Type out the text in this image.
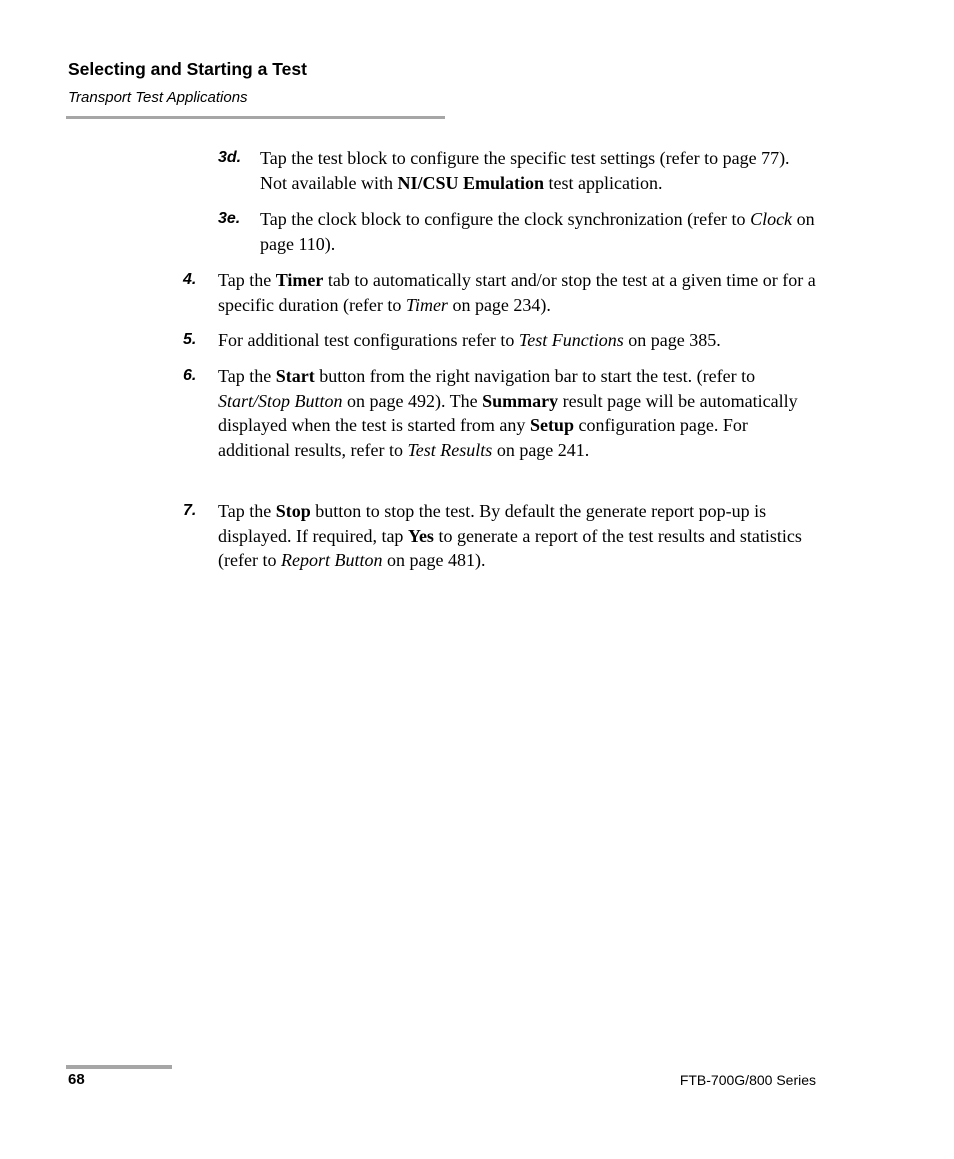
Selecting and Starting a Test
Transport Test Applications
3d. Tap the test block to configure the specific test settings (refer to page 77). Not available with NI/CSU Emulation test application.
3e. Tap the clock block to configure the clock synchronization (refer to Clock on page 110).
4. Tap the Timer tab to automatically start and/or stop the test at a given time or for a specific duration (refer to Timer on page 234).
5. For additional test configurations refer to Test Functions on page 385.
6. Tap the Start button from the right navigation bar to start the test. (refer to Start/Stop Button on page 492). The Summary result page will be automatically displayed when the test is started from any Setup configuration page. For additional results, refer to Test Results on page 241.
7. Tap the Stop button to stop the test. By default the generate report pop-up is displayed. If required, tap Yes to generate a report of the test results and statistics (refer to Report Button on page 481).
68	FTB-700G/800 Series
